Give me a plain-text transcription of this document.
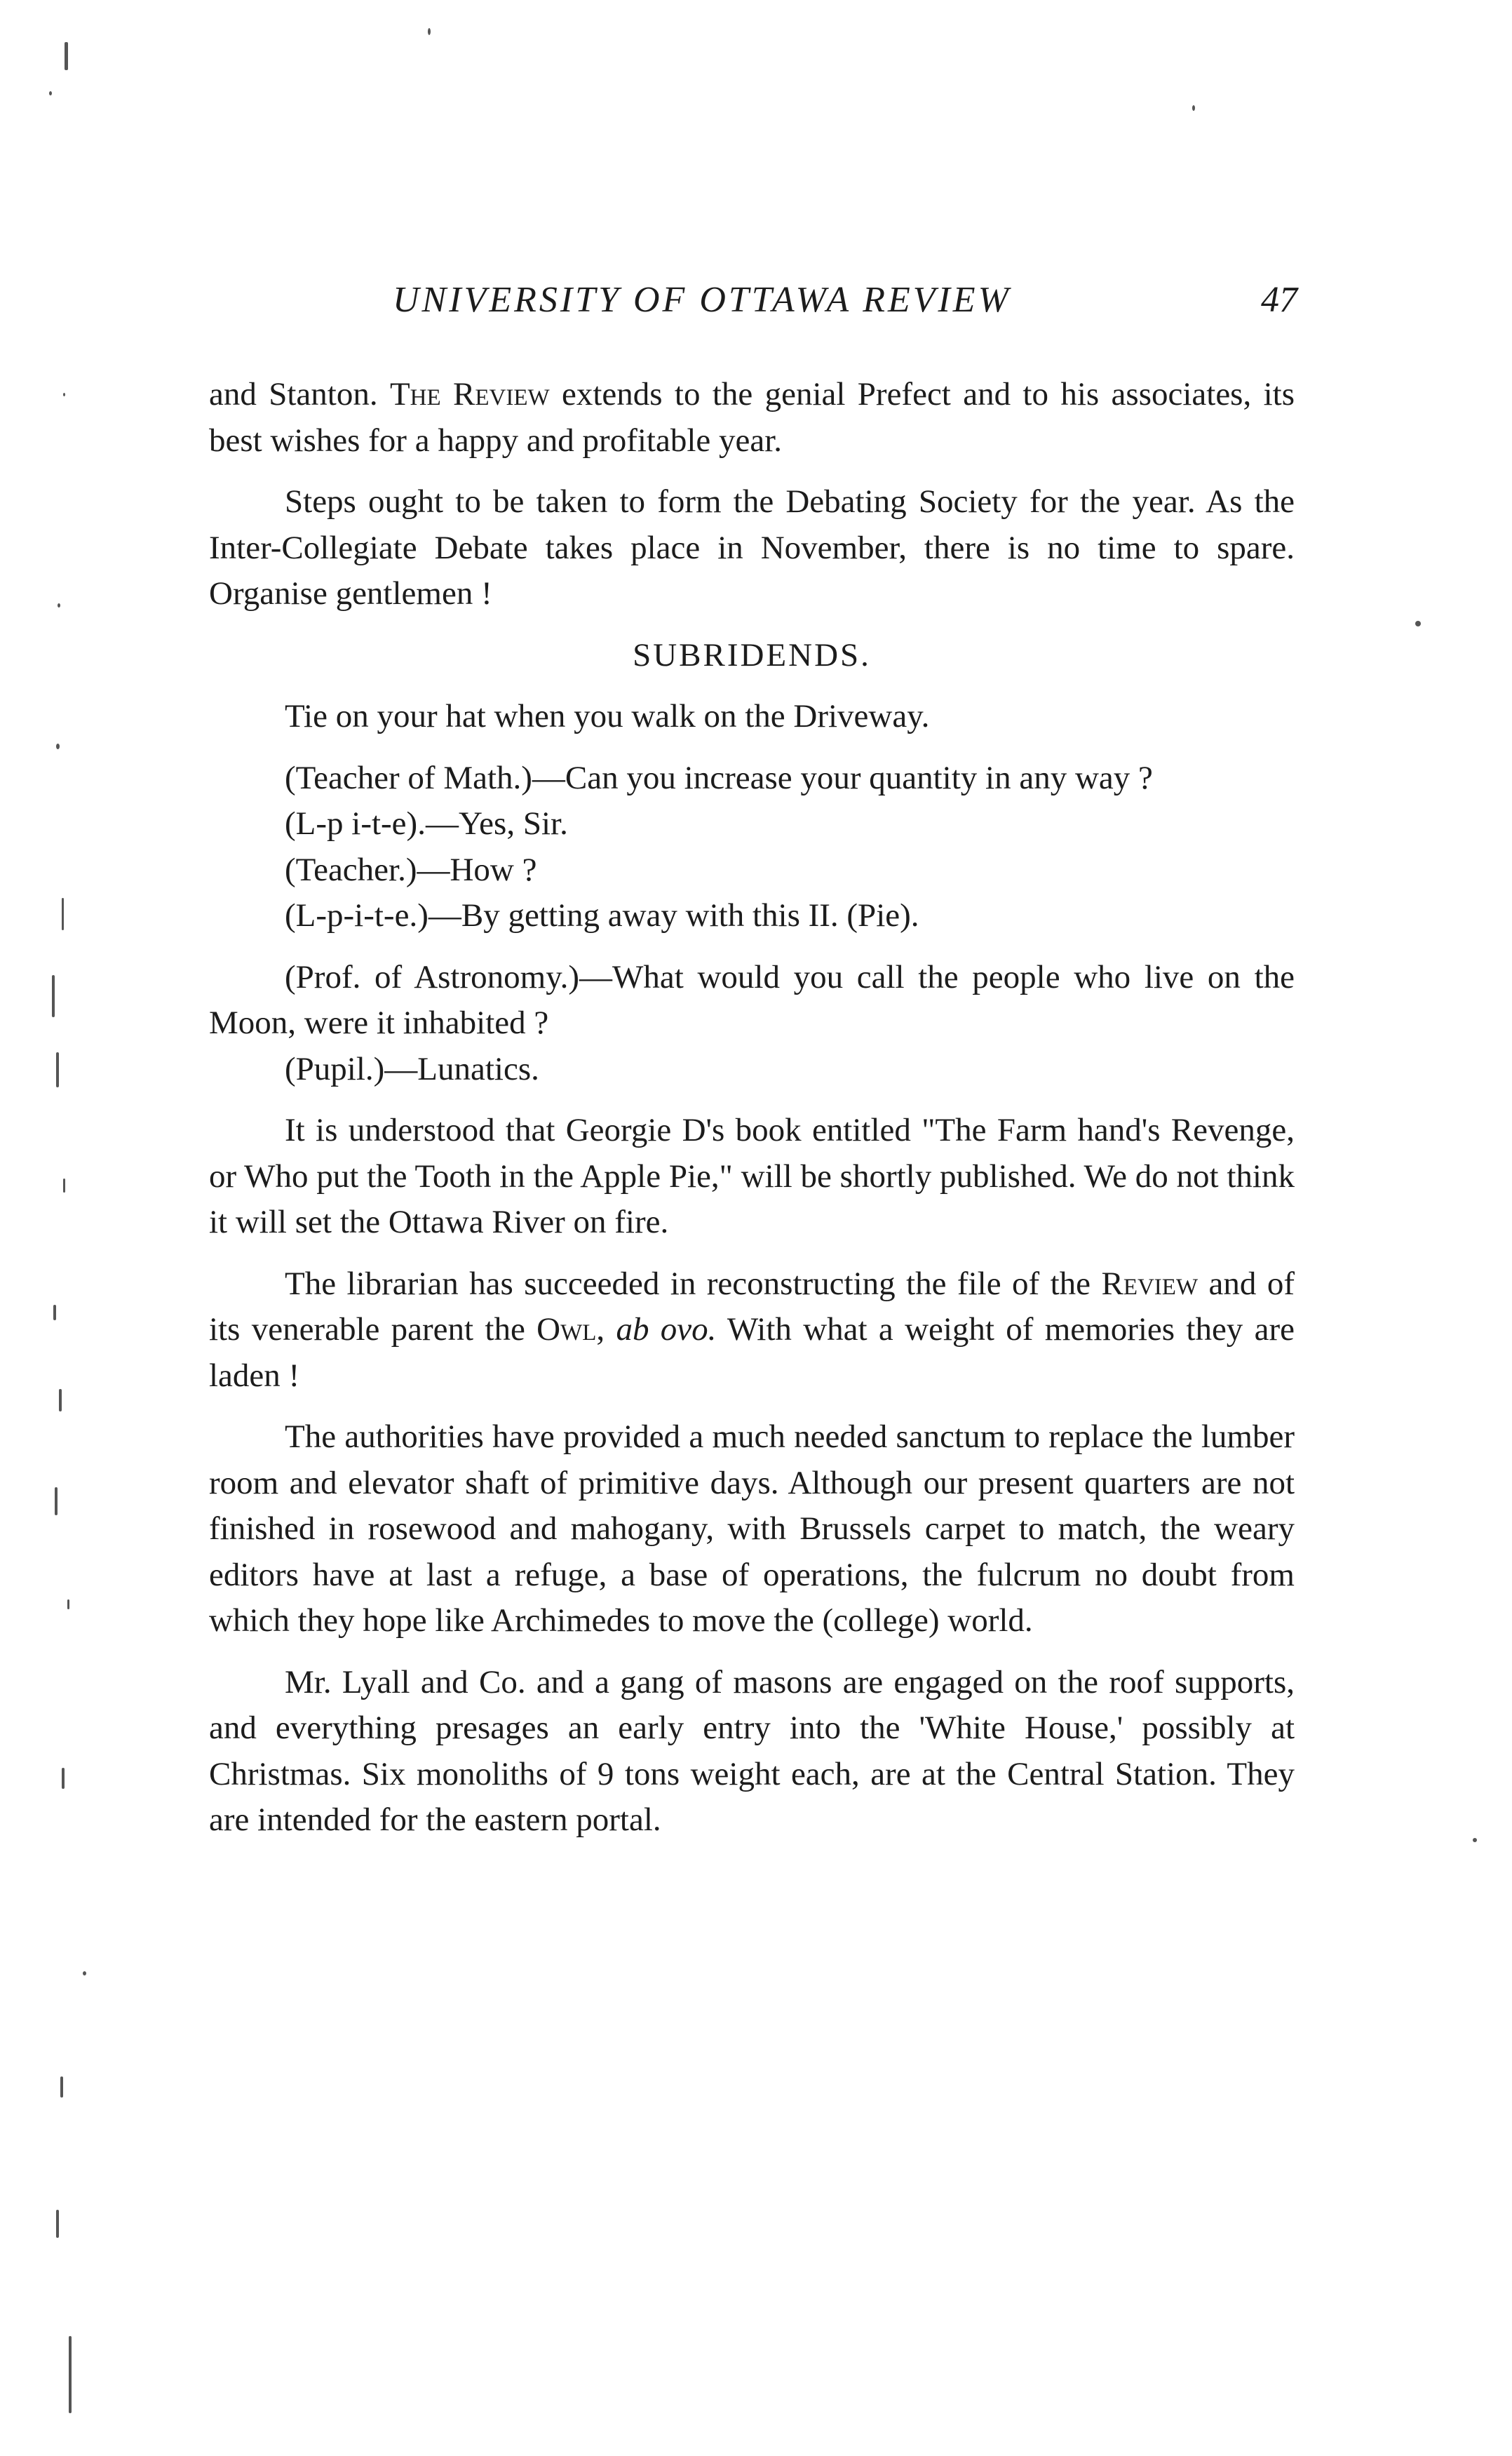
UNIVERSITY OF OTTAWA REVIEW	47

and Stanton. The Review extends to the genial Prefect and to his associates, its best wishes for a happy and profitable year.

Steps ought to be taken to form the Debating Society for the year. As the Inter-Collegiate Debate takes place in November, there is no time to spare. Organise gentlemen !

SUBRIDENDS.

Tie on your hat when you walk on the Driveway.

(Teacher of Math.)—Can you increase your quantity in any way ?

(L-p i-t-e).—Yes, Sir.

(Teacher.)—How ?

(L-p-i-t-e.)—By getting away with this II. (Pie).

(Prof. of Astronomy.)—What would you call the people who live on the Moon, were it inhabited ?

(Pupil.)—Lunatics.

It is understood that Georgie D's book entitled "The Farm hand's Revenge, or Who put the Tooth in the Apple Pie," will be shortly published. We do not think it will set the Ottawa River on fire.

The librarian has succeeded in reconstructing the file of the Review and of its venerable parent the Owl, ab ovo. With what a weight of memories they are laden !

The authorities have provided a much needed sanctum to replace the lumber room and elevator shaft of primitive days. Although our present quarters are not finished in rosewood and mahogany, with Brussels carpet to match, the weary editors have at last a refuge, a base of operations, the fulcrum no doubt from which they hope like Archimedes to move the (college) world.

Mr. Lyall and Co. and a gang of masons are engaged on the roof supports, and everything presages an early entry into the 'White House,' possibly at Christmas. Six monoliths of 9 tons weight each, are at the Central Station. They are intended for the eastern portal.
